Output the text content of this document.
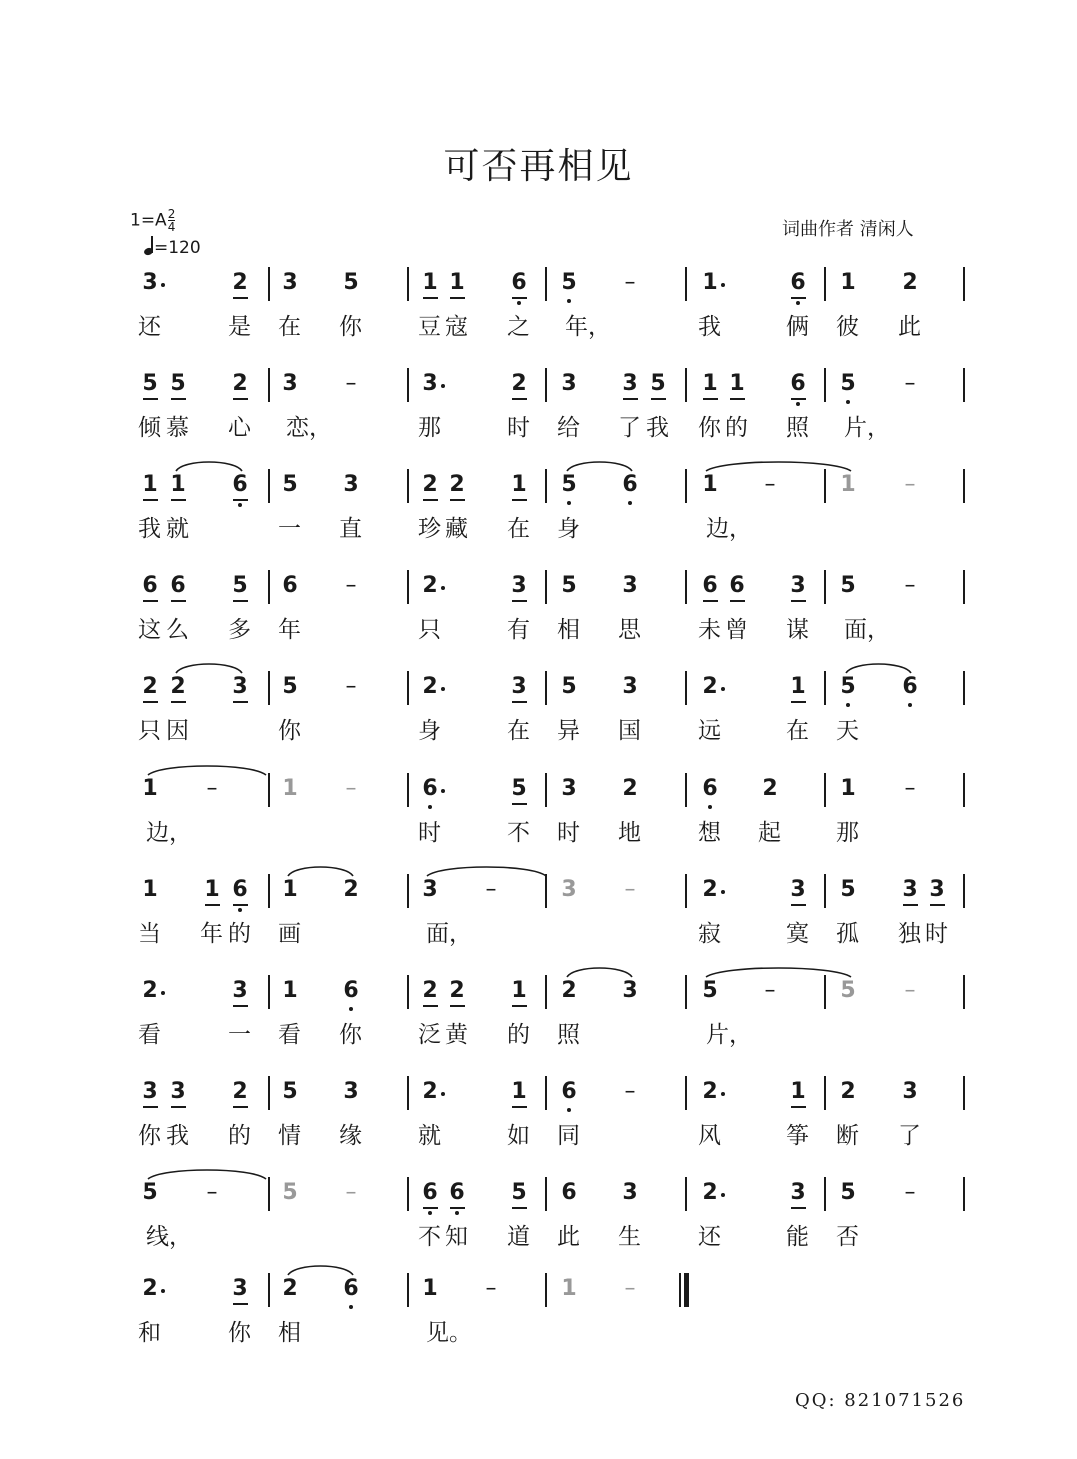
可否再相见
$1=A \frac{2}{4}$
=120
词曲作者 清闲人
3	2 3 5	1 1 6 5 –	1	6 1 2
还	是 在 你 豆 寇 之 年，	我	俩 彼 此
5 5 2 3 –	3	2 3 3 5 1 1 6 5 –
倾 慕 心 恋，	那	时 给 了 我 你 的 照 片，
1 1 6 5 3	2 2 1 5 6	1 –	1 –
我 就	一 直 珍 藏 在 身	边，
6 6 5 6 –	2	3 5 3	6 6 3 5 –
这 么 多 年	只	有 相 思 未 曾 谋 面，
2 2 3 5 –	2	3 5 3	2	1 5 6
只 因	你	身	在 异 国 远	在 天
1 –	1 –	6	5 3 2	6 2	1 –
边，	时	不 时 地 想 起 那
1 1 6 1 2	3 –	3 –	2	3 5 3 3
当 年 的 画	面，	寂	寞 孤 独 时
2	3 1 6	2 2 1 2 3	5 –	5 –
看	一 看 你 泛 黄 的 照	片，
3 3 2 5 3	2	1 6 –	2	1 2 3
你 我 的 情 缘 就	如 同	风	筝 断 了
5 –	5 –	6 6 5 6 3	2	3 5 –
线，	不 知 道 此 生 还	能 否
2	3 2 6	1 –	1 –
和	你 相	见。
QQ: 821071526
